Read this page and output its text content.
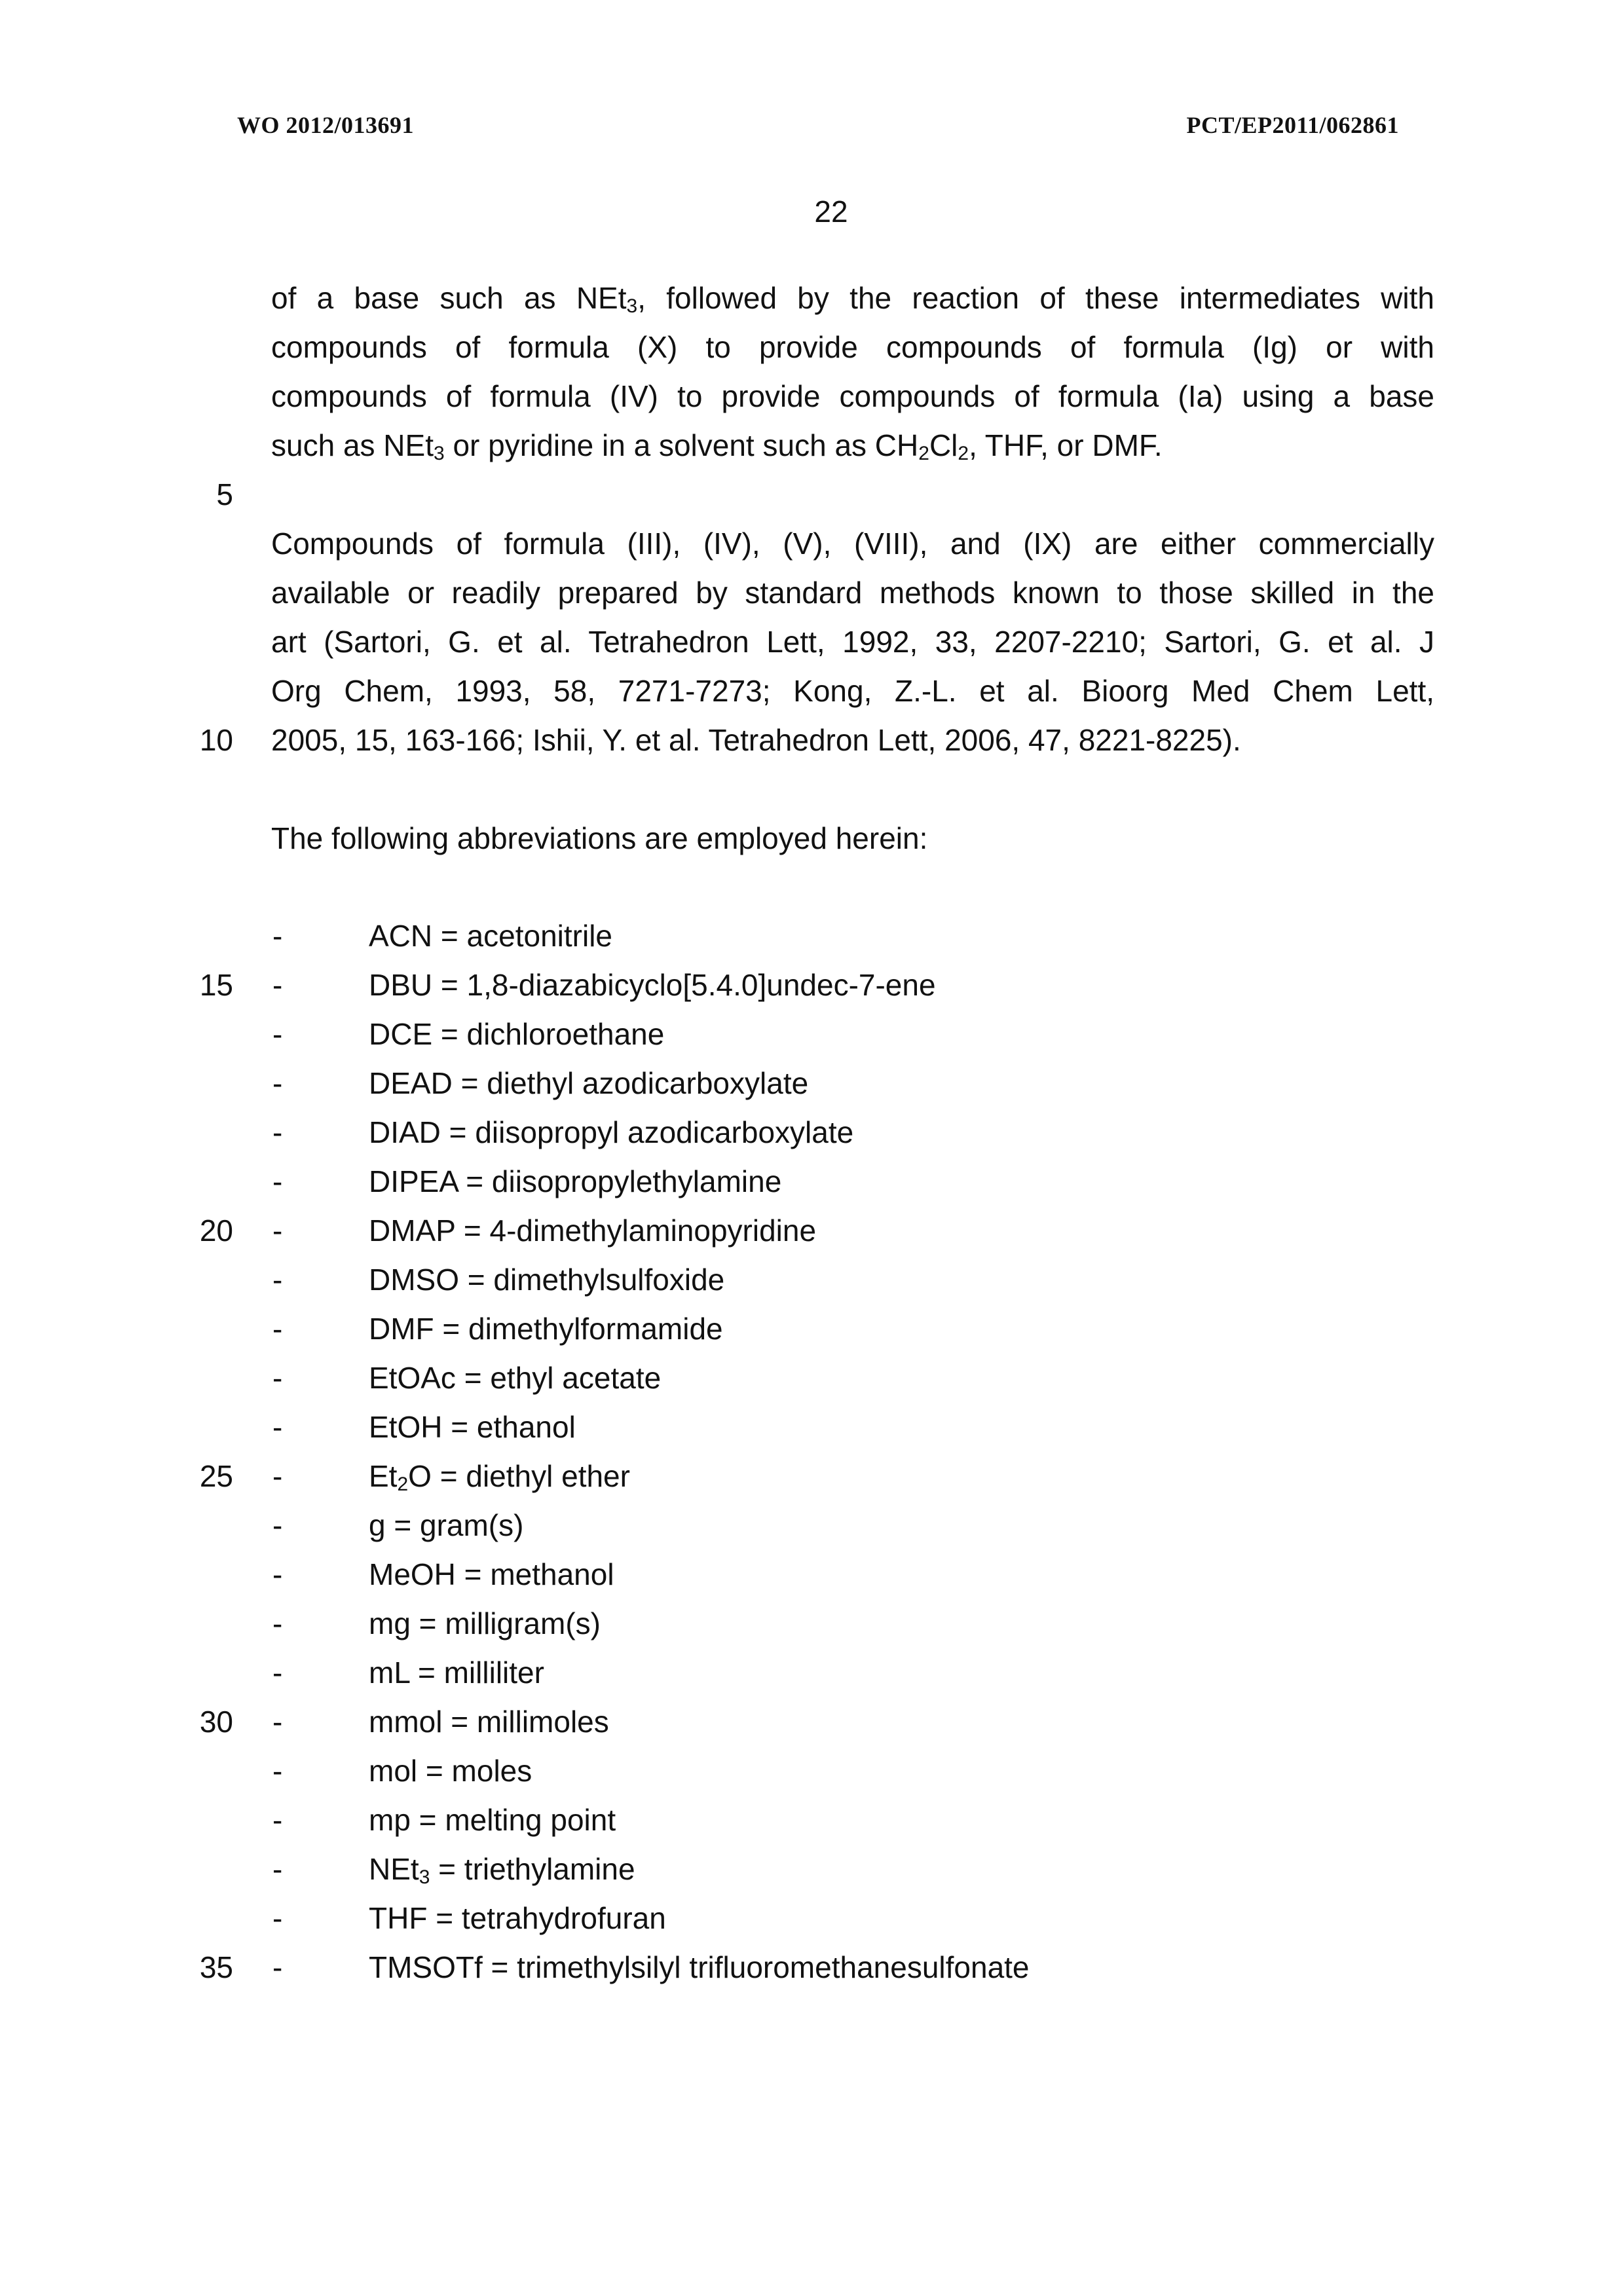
WO 2012/013691	PCT/EP2011/062861
22
of a base such as NEt$_3$, followed by the reaction of these intermediates with
compounds of formula (X) to provide compounds of formula (Ig) or with
compounds of formula (IV) to provide compounds of formula (Ia) using a base
such as NEt$_3$ or pyridine in a solvent such as $CH_2Cl_2$, THF, or DMF.
5
Compounds of formula (III), (IV), (V), (VIII), and (IX) are either commercially
available or readily prepared by standard methods known to those skilled in the
art (Sartori, G. et al. Tetrahedron Lett, 1992, 33, 2207-2210; Sartori, G. et al. J
Org Chem, 1993, 58, 7271-7273; Kong, Z.-L. et al. Bioorg Med Chem Lett,
2005, 15, 163-166; Ishii, Y. et al. Tetrahedron Lett, 2006, 47, 8221-8225).
10
The following abbreviations are employed herein:
-	ACN = acetonitrile
15 -	DBU = 1,8-diazabicyclo[5.4.0]undec-7-ene
-	DCE = dichloroethane
-	DEAD = diethyl azodicarboxylate
-	DIAD = diisopropyl azodicarboxylate
-	DIPEA = diisopropylethylamine
20 -	DMAP = 4-dimethylaminopyridine
-	DMSO = dimethylsulfoxide
-	DMF = dimethylformamide
-	EtOAc = ethyl acetate
-	EtOH = ethanol
25 -	$Et_2O$ = diethyl ether
-	g = gram(s)
-	MeOH = methanol
-	mg = milligram(s)
-	mL = milliliter
30 -	mmol = millimoles
-	mol = moles
-	mp = melting point
-	NEt$_3$ = triethylamine
-	THF = tetrahydrofuran
35 -	TMSOTf = trimethylsilyl trifluoromethanesulfonate
